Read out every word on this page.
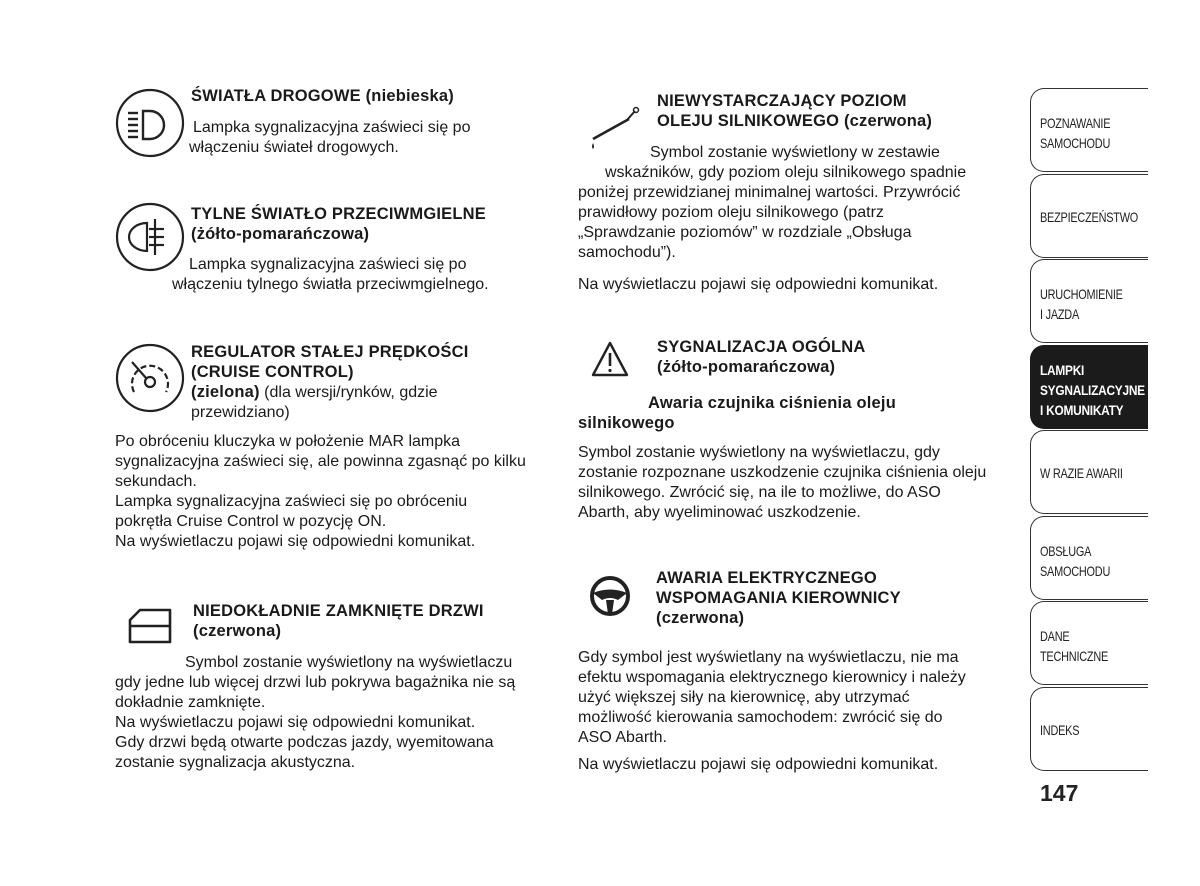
ŚWIATŁA DROGOWE (niebieska)
Lampka sygnalizacyjna zaświeci się po
włączeniu świateł drogowych.
TYLNE ŚWIATŁO PRZECIWMGIELNE
(żółto-pomarańczowa)
Lampka sygnalizacyjna zaświeci się po
włączeniu tylnego światła przeciwmgielnego.
REGULATOR STAŁEJ PRĘDKOŚCI
(CRUISE CONTROL)
(zielona) (dla wersji/rynków, gdzie
przewidziano)
Po obróceniu kluczyka w położenie MAR lampka
sygnalizacyjna zaświeci się, ale powinna zgasnąć po kilku
sekundach.
Lampka sygnalizacyjna zaświeci się po obróceniu
pokrętła Cruise Control w pozycję ON.
Na wyświetlaczu pojawi się odpowiedni komunikat.
NIEDOKŁADNIE ZAMKNIĘTE DRZWI
(czerwona)
Symbol zostanie wyświetlony na wyświetlaczu
gdy jedne lub więcej drzwi lub pokrywa bagażnika nie są
dokładnie zamknięte.
Na wyświetlaczu pojawi się odpowiedni komunikat.
Gdy drzwi będą otwarte podczas jazdy, wyemitowana
zostanie sygnalizacja akustyczna.
NIEWYSTARCZAJĄCY POZIOM
OLEJU SILNIKOWEGO (czerwona)
Symbol zostanie wyświetlony w zestawie
wskaźników, gdy poziom oleju silnikowego spadnie
poniżej przewidzianej minimalnej wartości. Przywrócić
prawidłowy poziom oleju silnikowego (patrz
„Sprawdzanie poziomów” w rozdziale „Obsługa
samochodu”).
Na wyświetlaczu pojawi się odpowiedni komunikat.
SYGNALIZACJA OGÓLNA
(żółto-pomarańczowa)
Awaria czujnika ciśnienia oleju
silnikowego
Symbol zostanie wyświetlony na wyświetlaczu, gdy
zostanie rozpoznane uszkodzenie czujnika ciśnienia oleju
silnikowego. Zwrócić się, na ile to możliwe, do ASO
Abarth, aby wyeliminować uszkodzenie.
AWARIA ELEKTRYCZNEGO
WSPOMAGANIA KIEROWNICY
(czerwona)
Gdy symbol jest wyświetlany na wyświetlaczu, nie ma
efektu wspomagania elektrycznego kierownicy i należy
użyć większej siły na kierownicę, aby utrzymać
możliwość kierowania samochodem: zwrócić się do
ASO Abarth.
Na wyświetlaczu pojawi się odpowiedni komunikat.
POZNAWANIE
SAMOCHODU
BEZPIECZEŃSTWO
URUCHOMIENIE
I JAZDA
LAMPKI
SYGNALIZACYJNE
I KOMUNIKATY
W RAZIE AWARII
OBSŁUGA
SAMOCHODU
DANE
TECHNICZNE
INDEKS
147
